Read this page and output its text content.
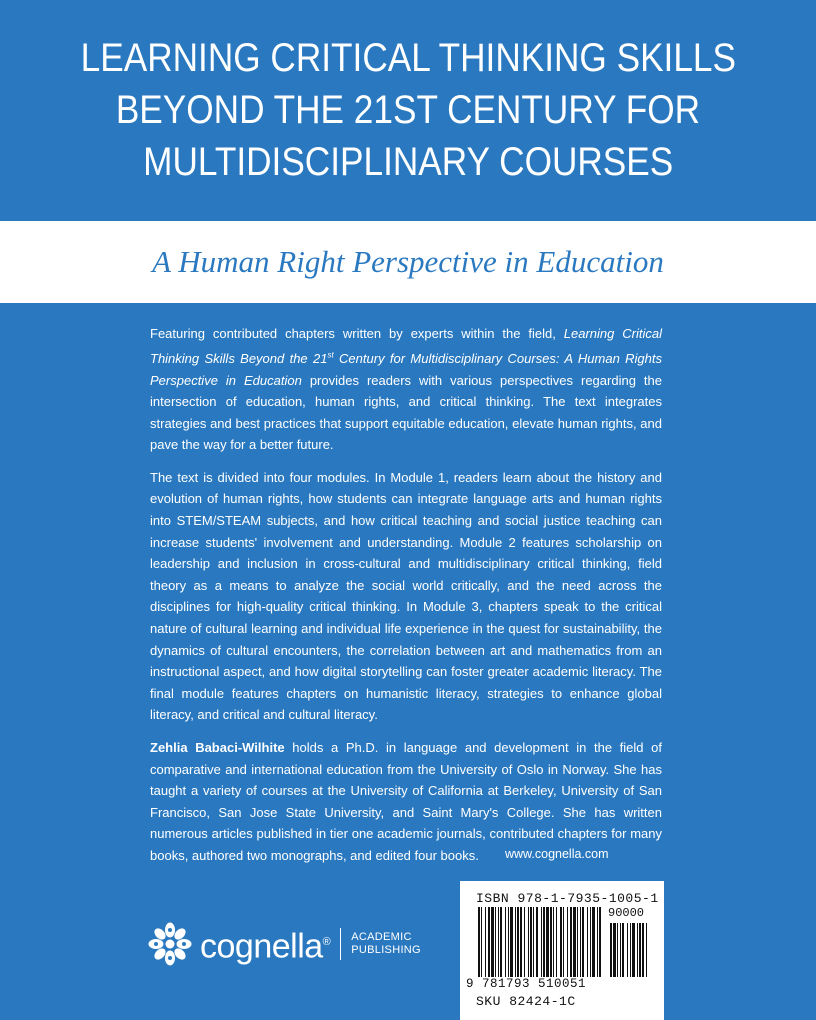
LEARNING CRITICAL THINKING SKILLS
BEYOND THE 21ST CENTURY FOR
MULTIDISCIPLINARY COURSES
A Human Right Perspective in Education

Featuring contributed chapters written by experts within the field, Learning Critical Thinking Skills Beyond the 21st Century for Multidisciplinary Courses: A Human Rights Perspective in Education provides readers with various perspectives regarding the intersection of education, human rights, and critical thinking. The text integrates strategies and best practices that support equitable education, elevate human rights, and pave the way for a better future.

The text is divided into four modules. In Module 1, readers learn about the history and evolution of human rights, how students can integrate language arts and human rights into STEM/STEAM subjects, and how critical teaching and social justice teaching can increase students' involvement and understanding. Module 2 features scholarship on leadership and inclusion in cross-cultural and multidisciplinary critical thinking, field theory as a means to analyze the social world critically, and the need across the disciplines for high-quality critical thinking. In Module 3, chapters speak to the critical nature of cultural learning and individual life experience in the quest for sustainability, the dynamics of cultural encounters, the correlation between art and mathematics from an instructional aspect, and how digital storytelling can foster greater academic literacy. The final module features chapters on humanistic literacy, strategies to enhance global literacy, and critical and cultural literacy.

Zehlia Babaci-Wilhite holds a Ph.D. in language and development in the field of comparative and international education from the University of Oslo in Norway. She has taught a variety of courses at the University of California at Berkeley, University of San Francisco, San Jose State University, and Saint Mary's College. She has written numerous articles published in tier one academic journals, contributed chapters for many books, authored two monographs, and edited four books.	www.cognella.com
cognella® ACADEMIC
PUBLISHING
ISBN 978-1-7935-1005-1
90000
9 781793 510051
SKU 82424-1C
